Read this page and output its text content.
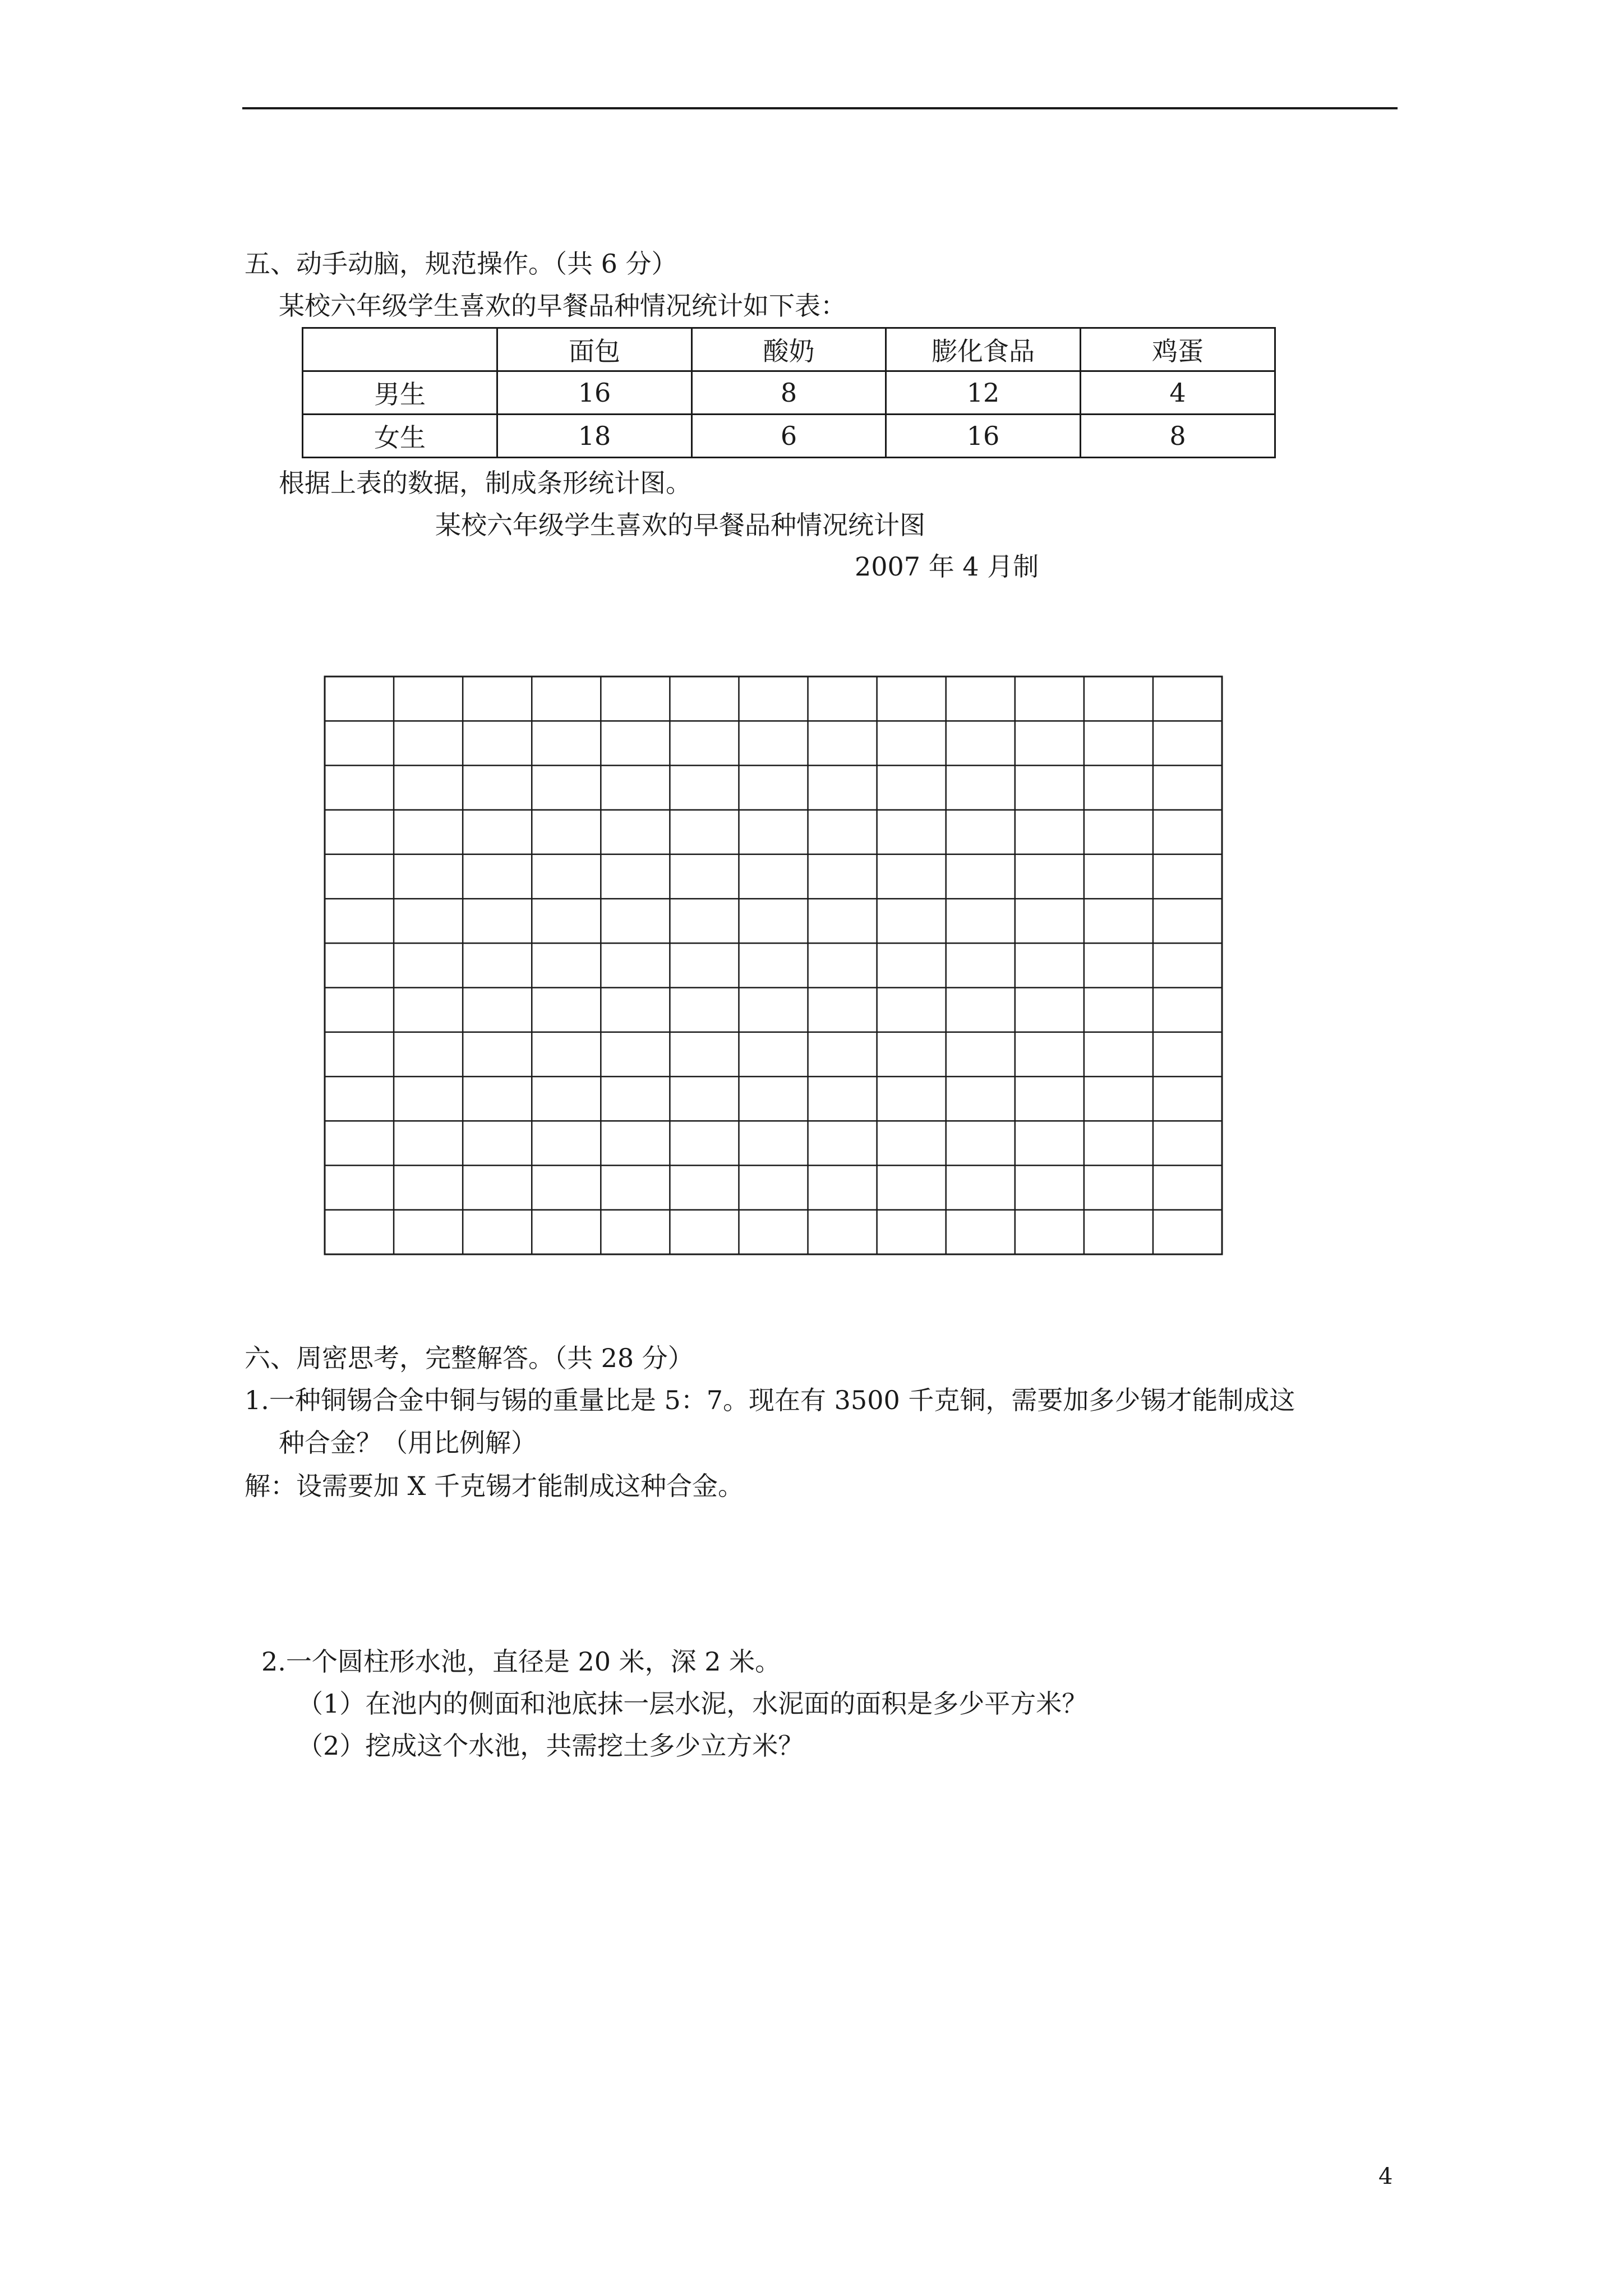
五、动手动脑，规范操作。（共 6 分）
某校六年级学生喜欢的早餐品种情况统计如下表：
	面包	酸奶	膨化食品	鸡蛋
男生	16	8	12	4
女生	18	6	16	8
根据上表的数据，制成条形统计图。
某校六年级学生喜欢的早餐品种情况统计图
2007 年 4 月制
六、周密思考，完整解答。（共 28 分）
1.一种铜锡合金中铜与锡的重量比是 5：7。现在有 3500 千克铜，需要加多少锡才能制成这
种合金？（用比例解）
解：设需要加 X 千克锡才能制成这种合金。
2.一个圆柱形水池，直径是 20 米，深 2 米。
（1）在池内的侧面和池底抹一层水泥，水泥面的面积是多少平方米？
（2）挖成这个水池，共需挖土多少立方米？
4
